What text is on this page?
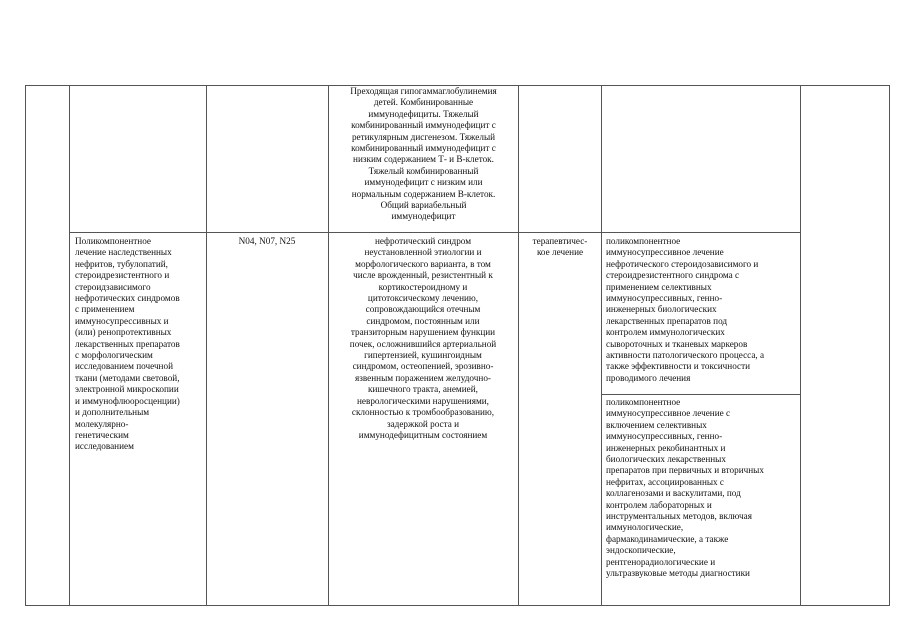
Преходящая гипогаммаглобулинемия
детей. Комбинированные
иммунодефициты. Тяжелый
комбинированный иммунодефицит с
ретикулярным дисгенезом. Тяжелый
комбинированный иммунодефицит с
низким содержанием Т- и В-клеток.
Тяжелый комбинированный
иммунодефицит с низким или
нормальным содержанием В-клеток.
Общий вариабельный
иммунодефицит
Поликомпонентное
лечение наследственных
нефритов, тубулопатий,
стероидрезистентного и
стероидзависимого
нефротических синдромов
с применением
иммуносупрессивных и
(или) ренопротективных
лекарственных препаратов
с морфологическим
исследованием почечной
ткани (методами световой,
электронной микроскопии
и иммунофлюоросценции)
и дополнительным
молекулярно-
генетическим
исследованием
N04, N07, N25	нефротический синдром
неустановленной этиологии и
морфологического варианта, в том
числе врожденный, резистентный к
кортикостероидному и
цитотоксическому лечению,
сопровождающийся отечным
синдромом, постоянным или
транзиторным нарушением функции
почек, осложнившийся артериальной
гипертензией, кушингоидным
синдромом, остеопенией, эрозивно-
язвенным поражением желудочно-
кишечного тракта, анемией,
неврологическими нарушениями,
склонностью к тромбообразованию,
задержкой роста и
иммунодефицитным состоянием
терапевтичес-
кое лечение
поликомпонентное
иммуносупрессивное лечение
нефротического стероидозависимого и
стероидрезистентного синдрома с
применением селективных
иммуносупрессивных, генно-
инженерных биологических
лекарственных препаратов под
контролем иммунологических
сывороточных и тканевых маркеров
активности патологического процесса, а
также эффективности и токсичности
проводимого лечения
поликомпонентное
иммуносупрессивное лечение с
включением селективных
иммуносупрессивных, генно-
инженерных рекобинантных и
биологических лекарственных
препаратов при первичных и вторичных
нефритах, ассоциированных с
коллагенозами и васкулитами, под
контролем лабораторных и
инструментальных методов, включая
иммунологические,
фармакодинамические, а также
эндоскопические,
рентгенорадиологические и
ультразвуковые методы диагностики
